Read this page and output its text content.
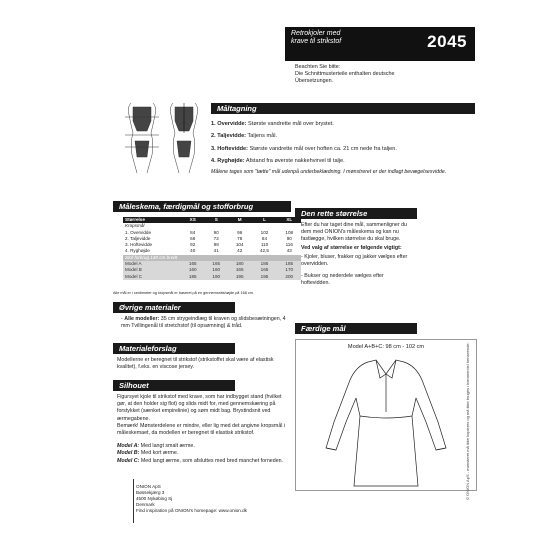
Retrokjoler med
krave til strikstof	2045
Beachten Sie bitte:
Die Schnittmusterteile enthalten deutsche
Übersetzungen.
Måltagning
1. Overvidde: Største vandrette mål over brystet.
2. Taljevidde: Taljens mål.
3. Hoftevidde: Største vandrette mål over hoften ca. 21 cm nede fra taljen.
4. Ryghøjde: Afstand fra øverste nakkehvirvel til talje.
Målene tages som "tætte" mål udenpå underbeklædning. I mønstreret er der indlagt bevægelsesvidde.
Måleskema, færdigmål og stofforbrug
Størrelse	XS	S	M	L	XL
Kropsmål					
1. Overvidde	84	90	96	102	108
2. Taljevidde	66	72	78	84	90
3. Hoftevidde	92	98	104	110	116
4. Ryghøjde	40	41	42	42,5	43
Stof forbrug 140 cm bredt					
Model A	165	165	180	185	185
Model B	160	160	165	165	170
Model C	185	190	195	195	200
Alle mål er i centimeter og kropsmål er baseret på en gennemsnitshøjde på 168 cm.
Øvrige materialer
- Alle modeller: 35 cm strygeindlæg til kraven og slidsbesætningen, 4 mm Tvillingenål til stretchstof (til opsømning) & tråd.
Materialeforslag
Modellerne er beregnet til strikstof (strikstoffet skal være af elastisk kvalitet), f.eks. en viscose jersey.
Silhouet
Figursyet kjole til strikstof med krave, som har indbygget stand (hvilket gør, at den holder sig flot) og slids midt for, med gennemskæring på forstykket (sænket empirelinie) og søm midt bag. Brystindsnit ved ærmegabene.
Bemærk! Mønsterdelene er mindre, eller lig med det angivne kropsmål i måleskemaet, da modellen er beregnet til elastisk strikstof.
Model A: Med langt smalt ærme.
Model B: Med kort ærme.
Model C: Med langt ærme, som afsluttes med bred manchet forneden.
Den rette størrelse
Efter du har taget dine mål, sammenligner du dem med ONION's måleskema og kan nu fastlægge, hvilken størrelse du skal bruge.
Ved valg af størrelse er følgende vigtigt:
- Kjoler, bluser, frakker og jakker vælges efter overvidden.
- Bukser og nederdele vælges efter hoftevidden.
Færdige mål
Model A+B+C: 98 cm - 102 cm
ONION ApS
Bøssekjærg 3
4500 Nykøbing Sj
Denmark
Find inspiration på ONION's homepage: www.onion.dk
© ONION ApS - mønsteret må ikke kopieres og må ikke bruges i kommerciel henseende.
